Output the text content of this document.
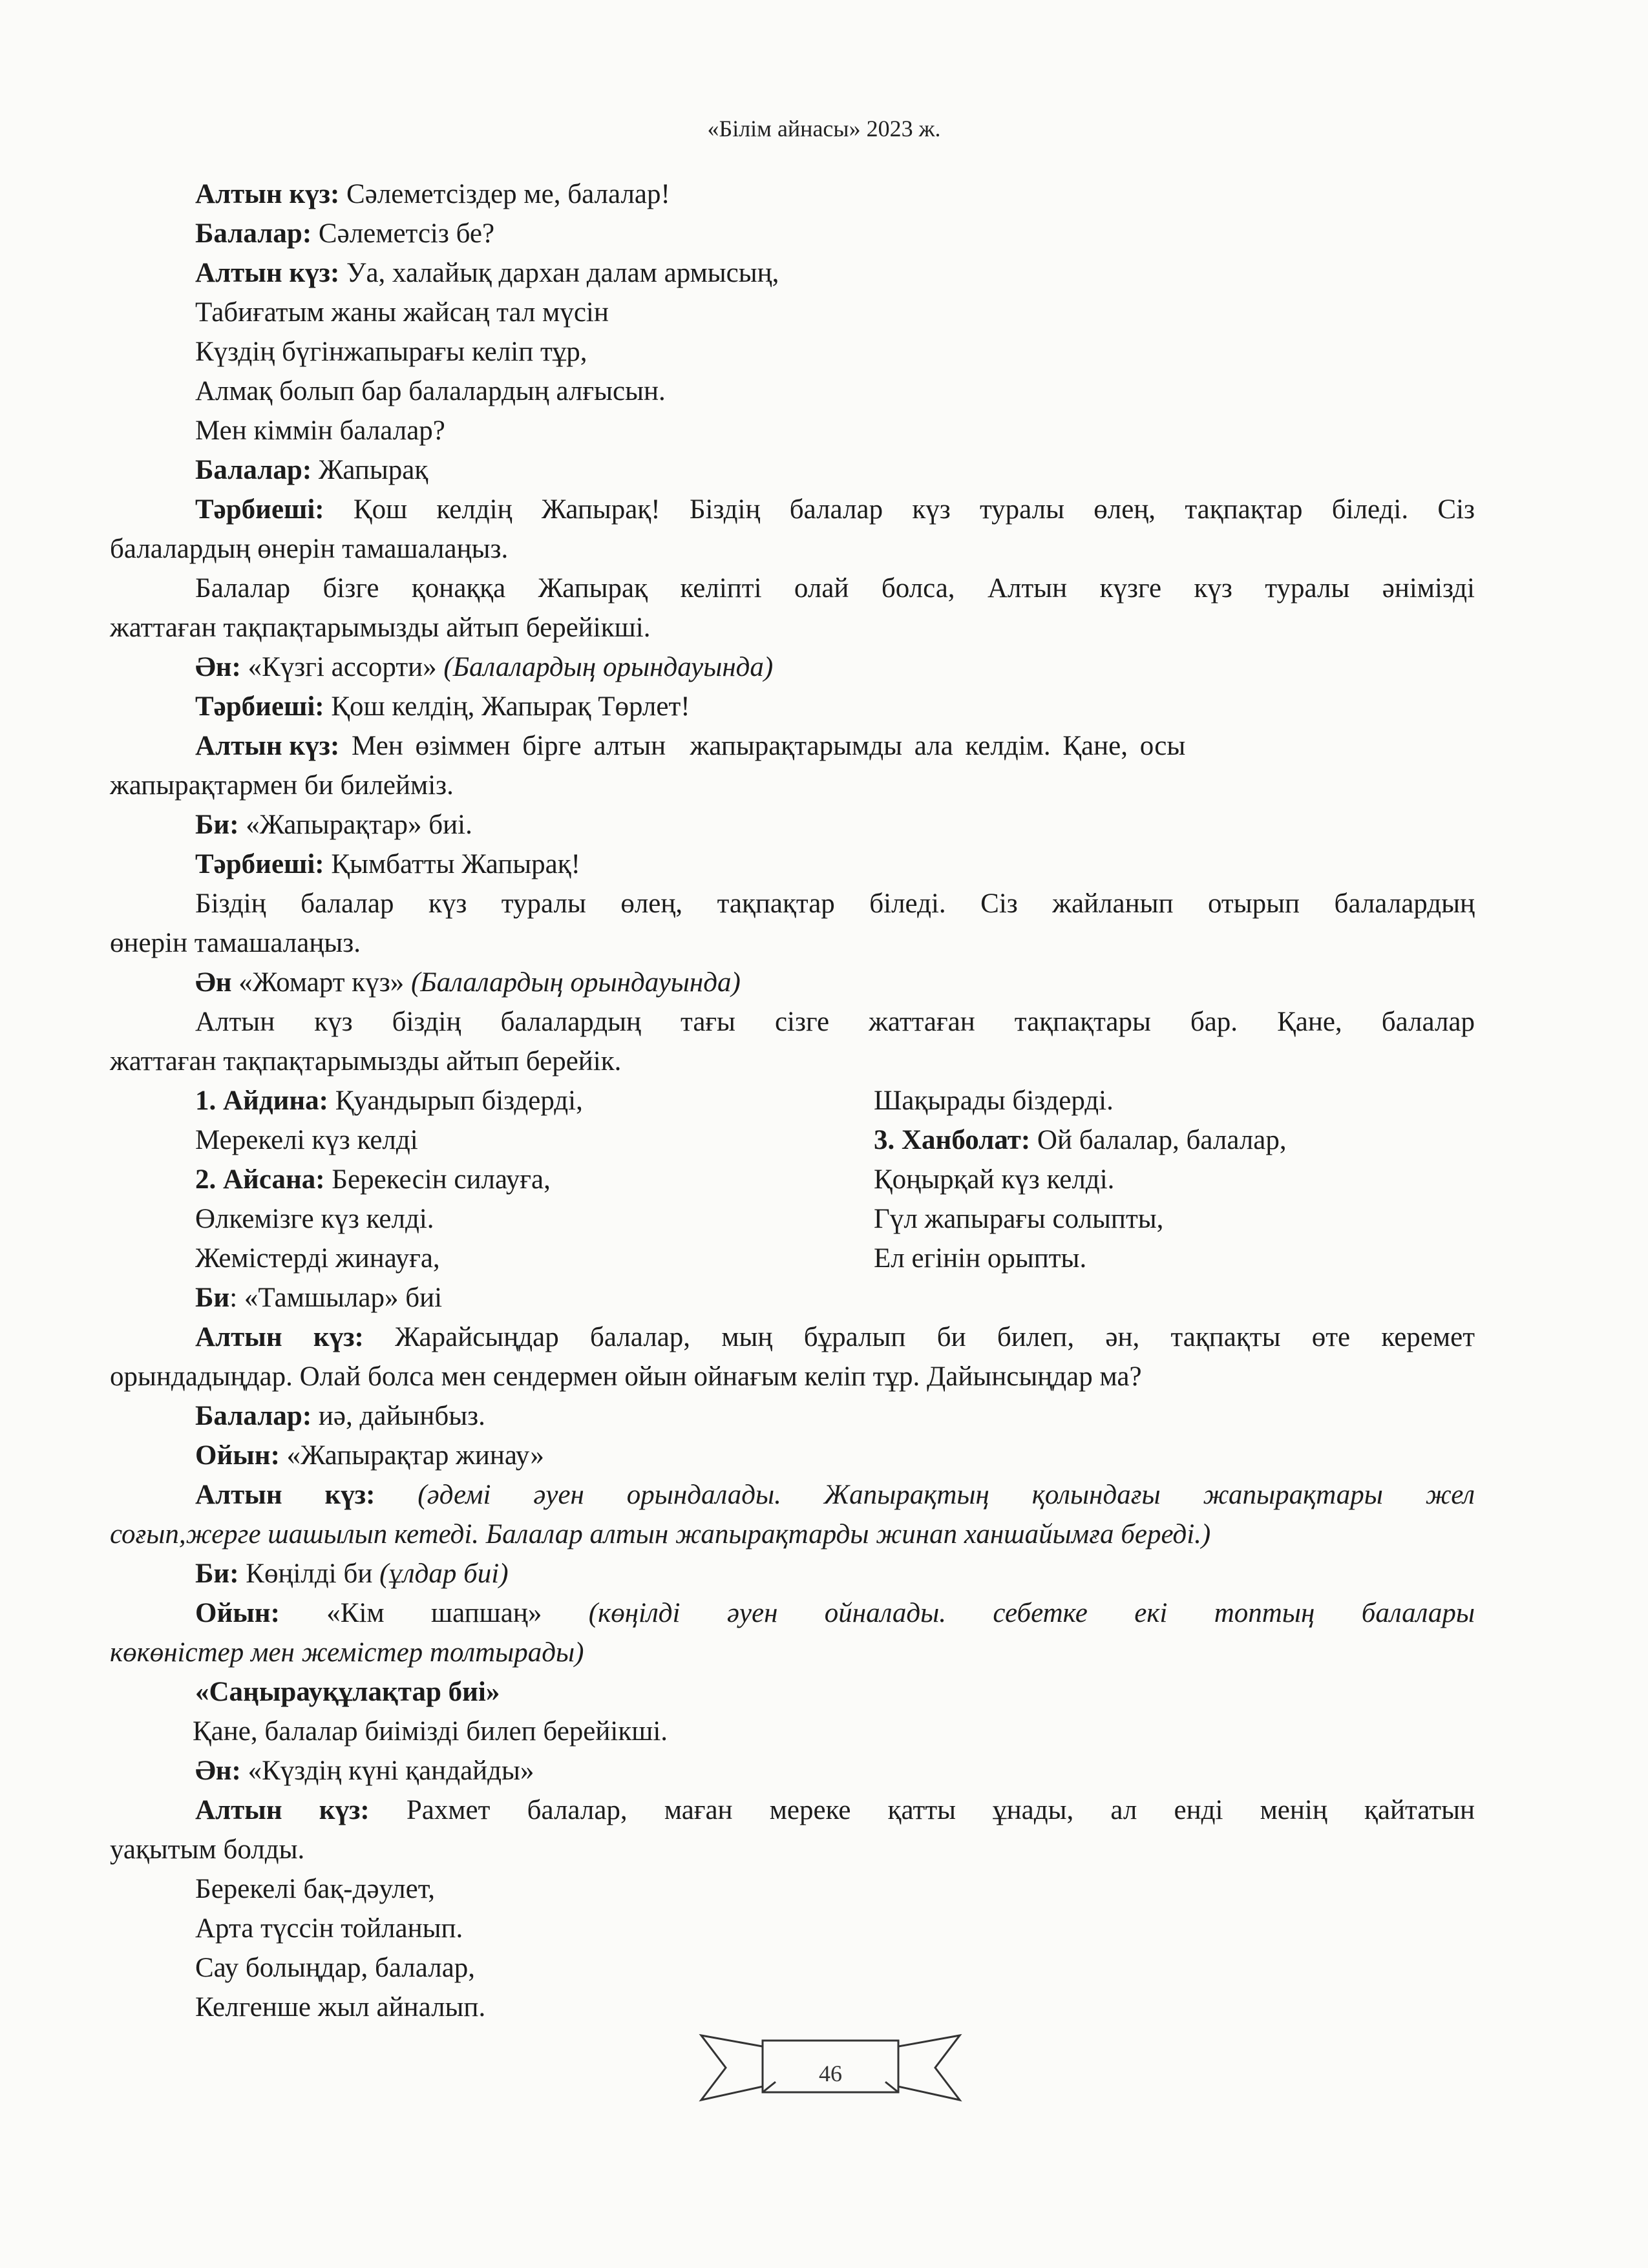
«Білім айнасы» 2023 ж.
Алтын күз: Сәлеметсіздер ме, балалар!
Балалар: Сәлеметсіз бе?
Алтын күз: Уа, халайық дархан далам армысың,
Табиғатым жаны жайсаң тал мүсін
Күздің бүгінжапырағы келіп тұр,
Алмақ болып бар балалардың алғысын.
Мен кіммін балалар?
Балалар: Жапырақ
Тәрбиеші: Қош келдің Жапырақ! Біздің балалар күз туралы өлең, тақпақтар біледі. Сіз
балалардың өнерін тамашалаңыз.
Балалар бізге қонаққа Жапырақ келіпті олай болса, Алтын күзге күз туралы әнімізді
жаттаған тақпақтарымызды айтып берейікші.
Ән: «Күзгі ассорти» (Балалардың орындауында)
Тәрбиеші: Қош келдің, Жапырақ Төрлет!
Алтын күз: Мен өзіммен бірге алтын  жапырақтарымды ала келдім. Қане, осы
жапырақтармен би билейміз.
Би: «Жапырақтар» биі.
Тәрбиеші: Қымбатты Жапырақ!
Біздің балалар күз туралы өлең, тақпақтар біледі. Сіз жайланып отырып балалардың
өнерін тамашалаңыз.
Ән «Жомарт күз» (Балалардың орындауында)
Алтын күз біздің балалардың тағы сізге жаттаған тақпақтары бар. Қане, балалар
жаттаған тақпақтарымызды айтып берейік.
1. Айдина: Қуандырып біздерді,
Мерекелі күз келді
2. Айсана: Берекесін силауға,
Өлкемізге күз келді.
Жемістерді жинауға,
Би: «Тамшылар» биі
Шақырады біздерді.
3. Ханболат: Ой балалар, балалар,
Қоңырқай күз келді.
Гүл жапырағы солыпты,
Ел егінін орыпты.
Алтын күз: Жарайсыңдар балалар, мың бұралып би билеп, ән, тақпақты өте керемет
орындадыңдар. Олай болса мен сендермен ойын ойнағым келіп тұр. Дайынсыңдар ма?
Балалар: иә, дайынбыз.
Ойын: «Жапырақтар жинау»
Алтын күз: (әдемі әуен орындалады. Жапырақтың қолындағы жапырақтары жел
соғып,жерге шашылып кетеді. Балалар алтын жапырақтарды жинап ханшайымға береді.)
Би: Көңілді би (ұлдар биі)
Ойын: «Кім шапшаң» (көңілді әуен ойналады. себетке екі топтың балалары
көкөністер мен жемістер толтырады)
«Саңырауқұлақтар биі»
Қане, балалар биімізді билеп берейікші.
Ән: «Күздің күні қандайды»
Алтын күз: Рахмет балалар, маған мереке қатты ұнады, ал енді менің қайтатын
уақытым болды.
Берекелі бақ-дәулет,
Арта түссін тойланып.
Сау болыңдар, балалар,
Келгенше жыл айналып.
46
